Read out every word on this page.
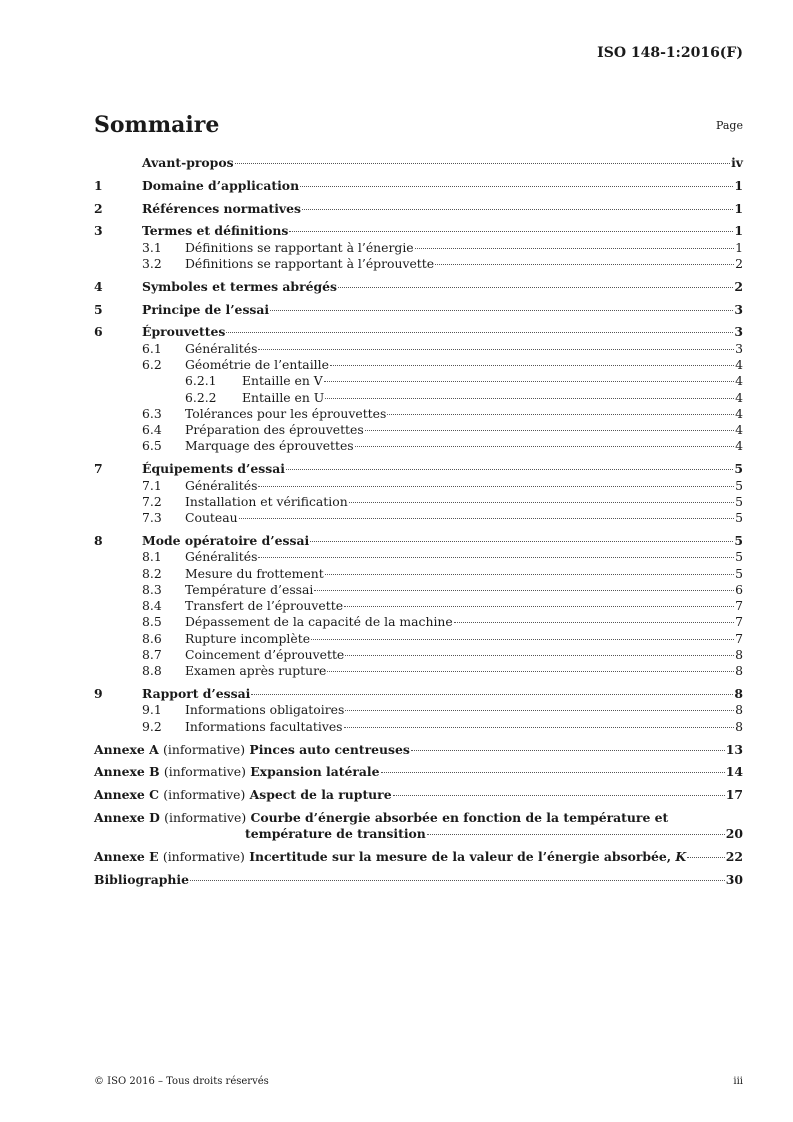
ISO 148-1:2016(F)
Sommaire	Page
Avant-propos	iv
1	Domaine d’application	1
2	Références normatives	1
3	Termes et définitions	1
3.1	Définitions se rapportant à l’énergie	1
3.2	Définitions se rapportant à l’éprouvette	2
4	Symboles et termes abrégés	2
5	Principe de l’essai	3
6	Éprouvettes	3
6.1	Généralités	3
6.2	Géométrie de l’entaille	4
6.2.1	Entaille en V	4
6.2.2	Entaille en U	4
6.3	Tolérances pour les éprouvettes	4
6.4	Préparation des éprouvettes	4
6.5	Marquage des éprouvettes	4
7	Équipements d’essai	5
7.1	Généralités	5
7.2	Installation et vérification	5
7.3	Couteau	5
8	Mode opératoire d’essai	5
8.1	Généralités	5
8.2	Mesure du frottement	5
8.3	Température d’essai	6
8.4	Transfert de l’éprouvette	7
8.5	Dépassement de la capacité de la machine	7
8.6	Rupture incomplète	7
8.7	Coincement d’éprouvette	8
8.8	Examen après rupture	8
9	Rapport d’essai	8
9.1	Informations obligatoires	8
9.2	Informations facultatives	8
Annexe A (informative) Pinces auto centreuses	13
Annexe B (informative) Expansion latérale	14
Annexe C (informative) Aspect de la rupture	17
Annexe D (informative) Courbe d’énergie absorbée en fonction de la température et
température de transition	20
Annexe E (informative) Incertitude sur la mesure de la valeur de l’énergie absorbée, K	22
Bibliographie	30
© ISO 2016 – Tous droits réservés	iii
